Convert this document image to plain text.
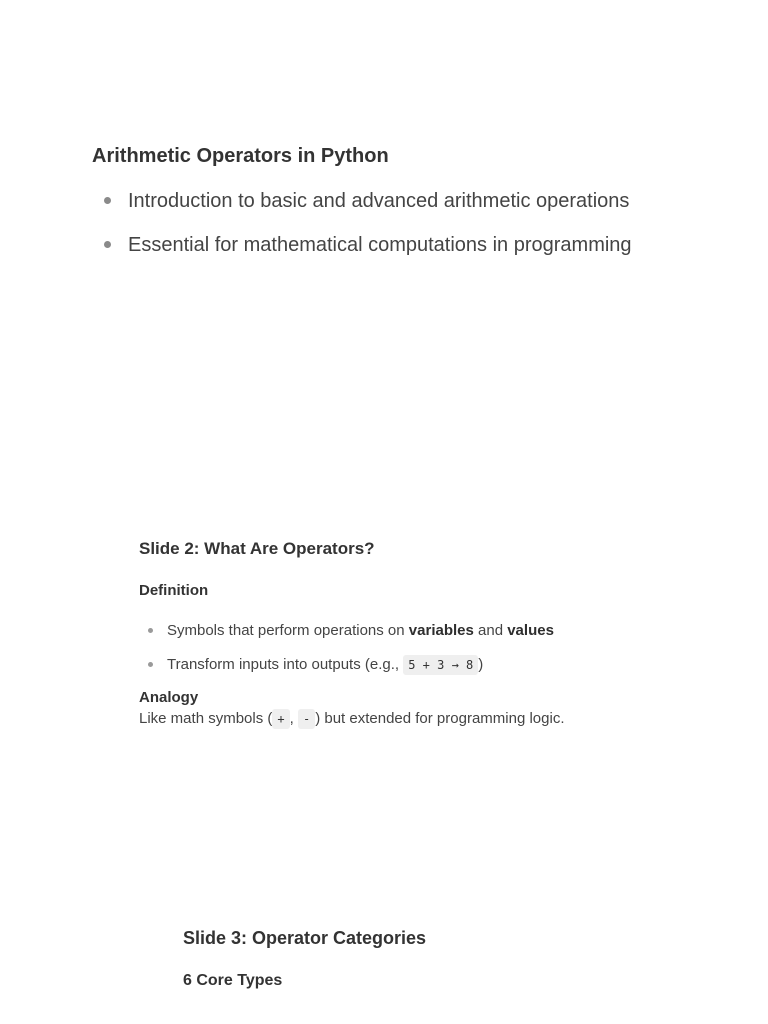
Arithmetic Operators in Python
Introduction to basic and advanced arithmetic operations
Essential for mathematical computations in programming
Slide 2: What Are Operators?
Definition
Symbols that perform operations on variables and values
Transform inputs into outputs (e.g., 5 + 3 → 8 )
Analogy

Like math symbols ( + , - ) but extended for programming logic.

Slide 3: Operator Categories
6 Core Types
